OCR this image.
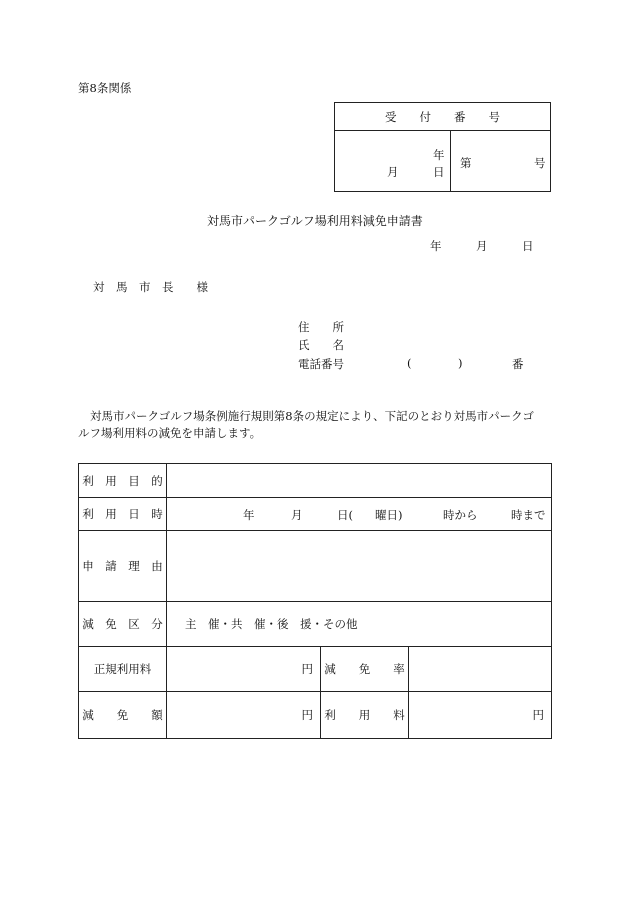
第8条関係
受　　付　　番　　号
年
月	日
第	号
対馬市パークゴルフ場利用料減免申請書
年　　　月　　　日
対　馬　市　長　　様
住　　所
氏　　名
電話番号	(	)	番
対馬市パークゴルフ場条例施行規則第8条の規定により、下記のとおり対馬市パークゴ
ルフ場利用料の減免を申請します。
利　用　目　的
利　用　日　時	年	月	日( 曜日)	時から	時まで
申　請　理　由
減　免　区　分	主　催・共　催・後　援・その他
正規利用料	円 減　　免　　率
減　　免　　額	円 利　　用　　料	円
